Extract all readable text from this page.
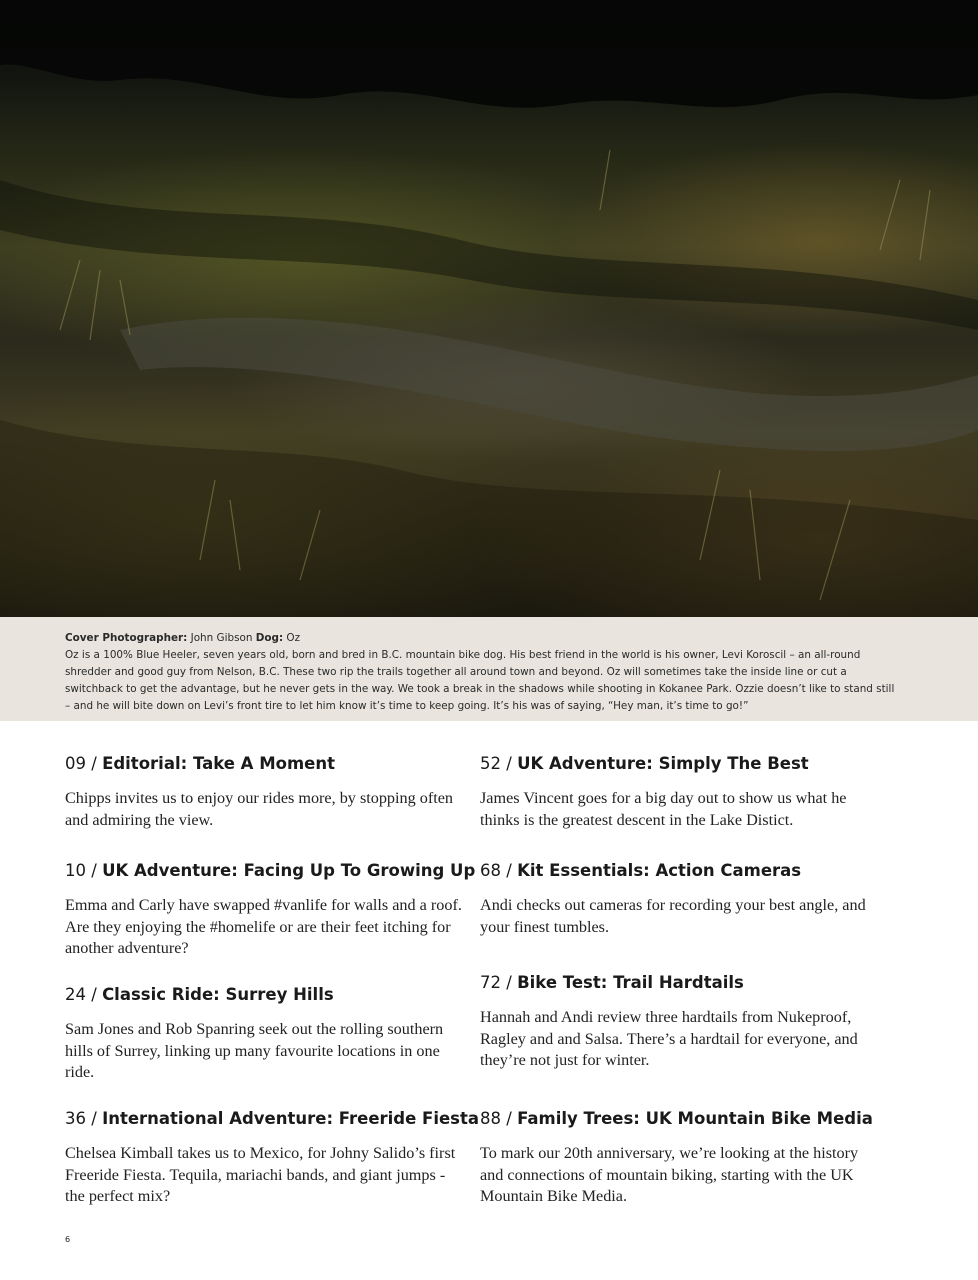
Cover Photographer: John Gibson Dog: Oz
Oz is a 100% Blue Heeler, seven years old, born and bred in B.C. mountain bike dog. His best friend in the world is his owner, Levi Koroscil – an all-round shredder and good guy from Nelson, B.C. These two rip the trails together all around town and beyond. Oz will sometimes take the inside line or cut a switchback to get the advantage, but he never gets in the way. We took a break in the shadows while shooting in Kokanee Park. Ozzie doesn’t like to stand still – and he will bite down on Levi’s front tire to let him know it’s time to keep going. It’s his was of saying, “Hey man, it’s time to go!”
09 / Editorial: Take A Moment
Chipps invites us to enjoy our rides more, by stopping often and admiring the view.
10 / UK Adventure: Facing Up To Growing Up
Emma and Carly have swapped #vanlife for walls and a roof. Are they enjoying the #homelife or are their feet itching for another adventure?
24 / Classic Ride: Surrey Hills
Sam Jones and Rob Spanring seek out the rolling southern hills of Surrey, linking up many favourite locations in one ride.
36 / International Adventure: Freeride Fiesta
Chelsea Kimball takes us to Mexico, for Johny Salido’s first Freeride Fiesta. Tequila, mariachi bands, and giant jumps - the perfect mix?
52 / UK Adventure: Simply The Best
James Vincent goes for a big day out to show us what he thinks is the greatest descent in the Lake Distict.
68 / Kit Essentials: Action Cameras
Andi checks out cameras for recording your best angle, and your finest tumbles.
72 / Bike Test: Trail Hardtails
Hannah and Andi review three hardtails from Nukeproof, Ragley and and Salsa. There’s a hardtail for everyone, and they’re not just for winter.
88 / Family Trees: UK Mountain Bike Media
To mark our 20th anniversary, we’re looking at the history and connections of mountain biking, starting with the UK Mountain Bike Media.
6
